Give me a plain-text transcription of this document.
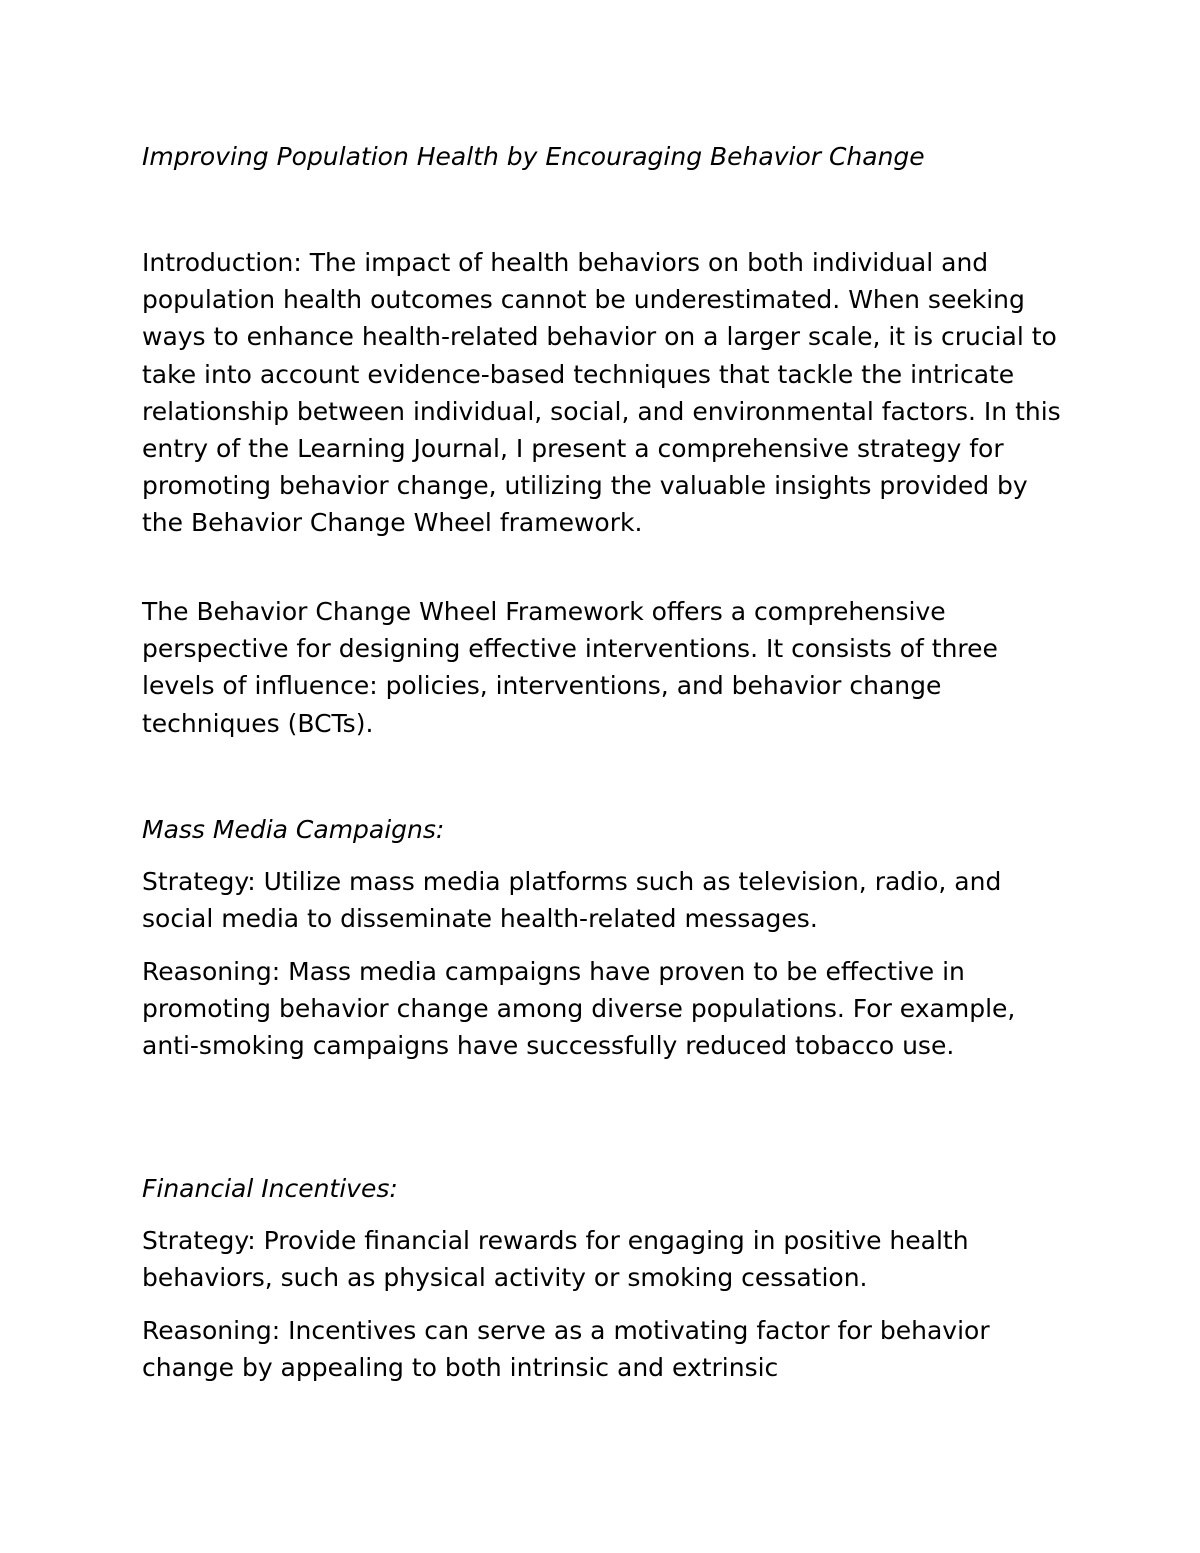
Improving Population Health by Encouraging Behavior Change

Introduction: The impact of health behaviors on both individual and population health outcomes cannot be underestimated. When seeking ways to enhance health-related behavior on a larger scale, it is crucial to take into account evidence-based techniques that tackle the intricate relationship between individual, social, and environmental factors. In this entry of the Learning Journal, I present a comprehensive strategy for promoting behavior change, utilizing the valuable insights provided by the Behavior Change Wheel framework.

The Behavior Change Wheel Framework offers a comprehensive perspective for designing effective interventions. It consists of three levels of influence: policies, interventions, and behavior change techniques (BCTs).

Mass Media Campaigns:

Strategy: Utilize mass media platforms such as television, radio, and social media to disseminate health-related messages.

Reasoning: Mass media campaigns have proven to be effective in promoting behavior change among diverse populations. For example, anti-smoking campaigns have successfully reduced tobacco use.

Financial Incentives:

Strategy: Provide financial rewards for engaging in positive health behaviors, such as physical activity or smoking cessation.

Reasoning: Incentives can serve as a motivating factor for behavior change by appealing to both intrinsic and extrinsic
